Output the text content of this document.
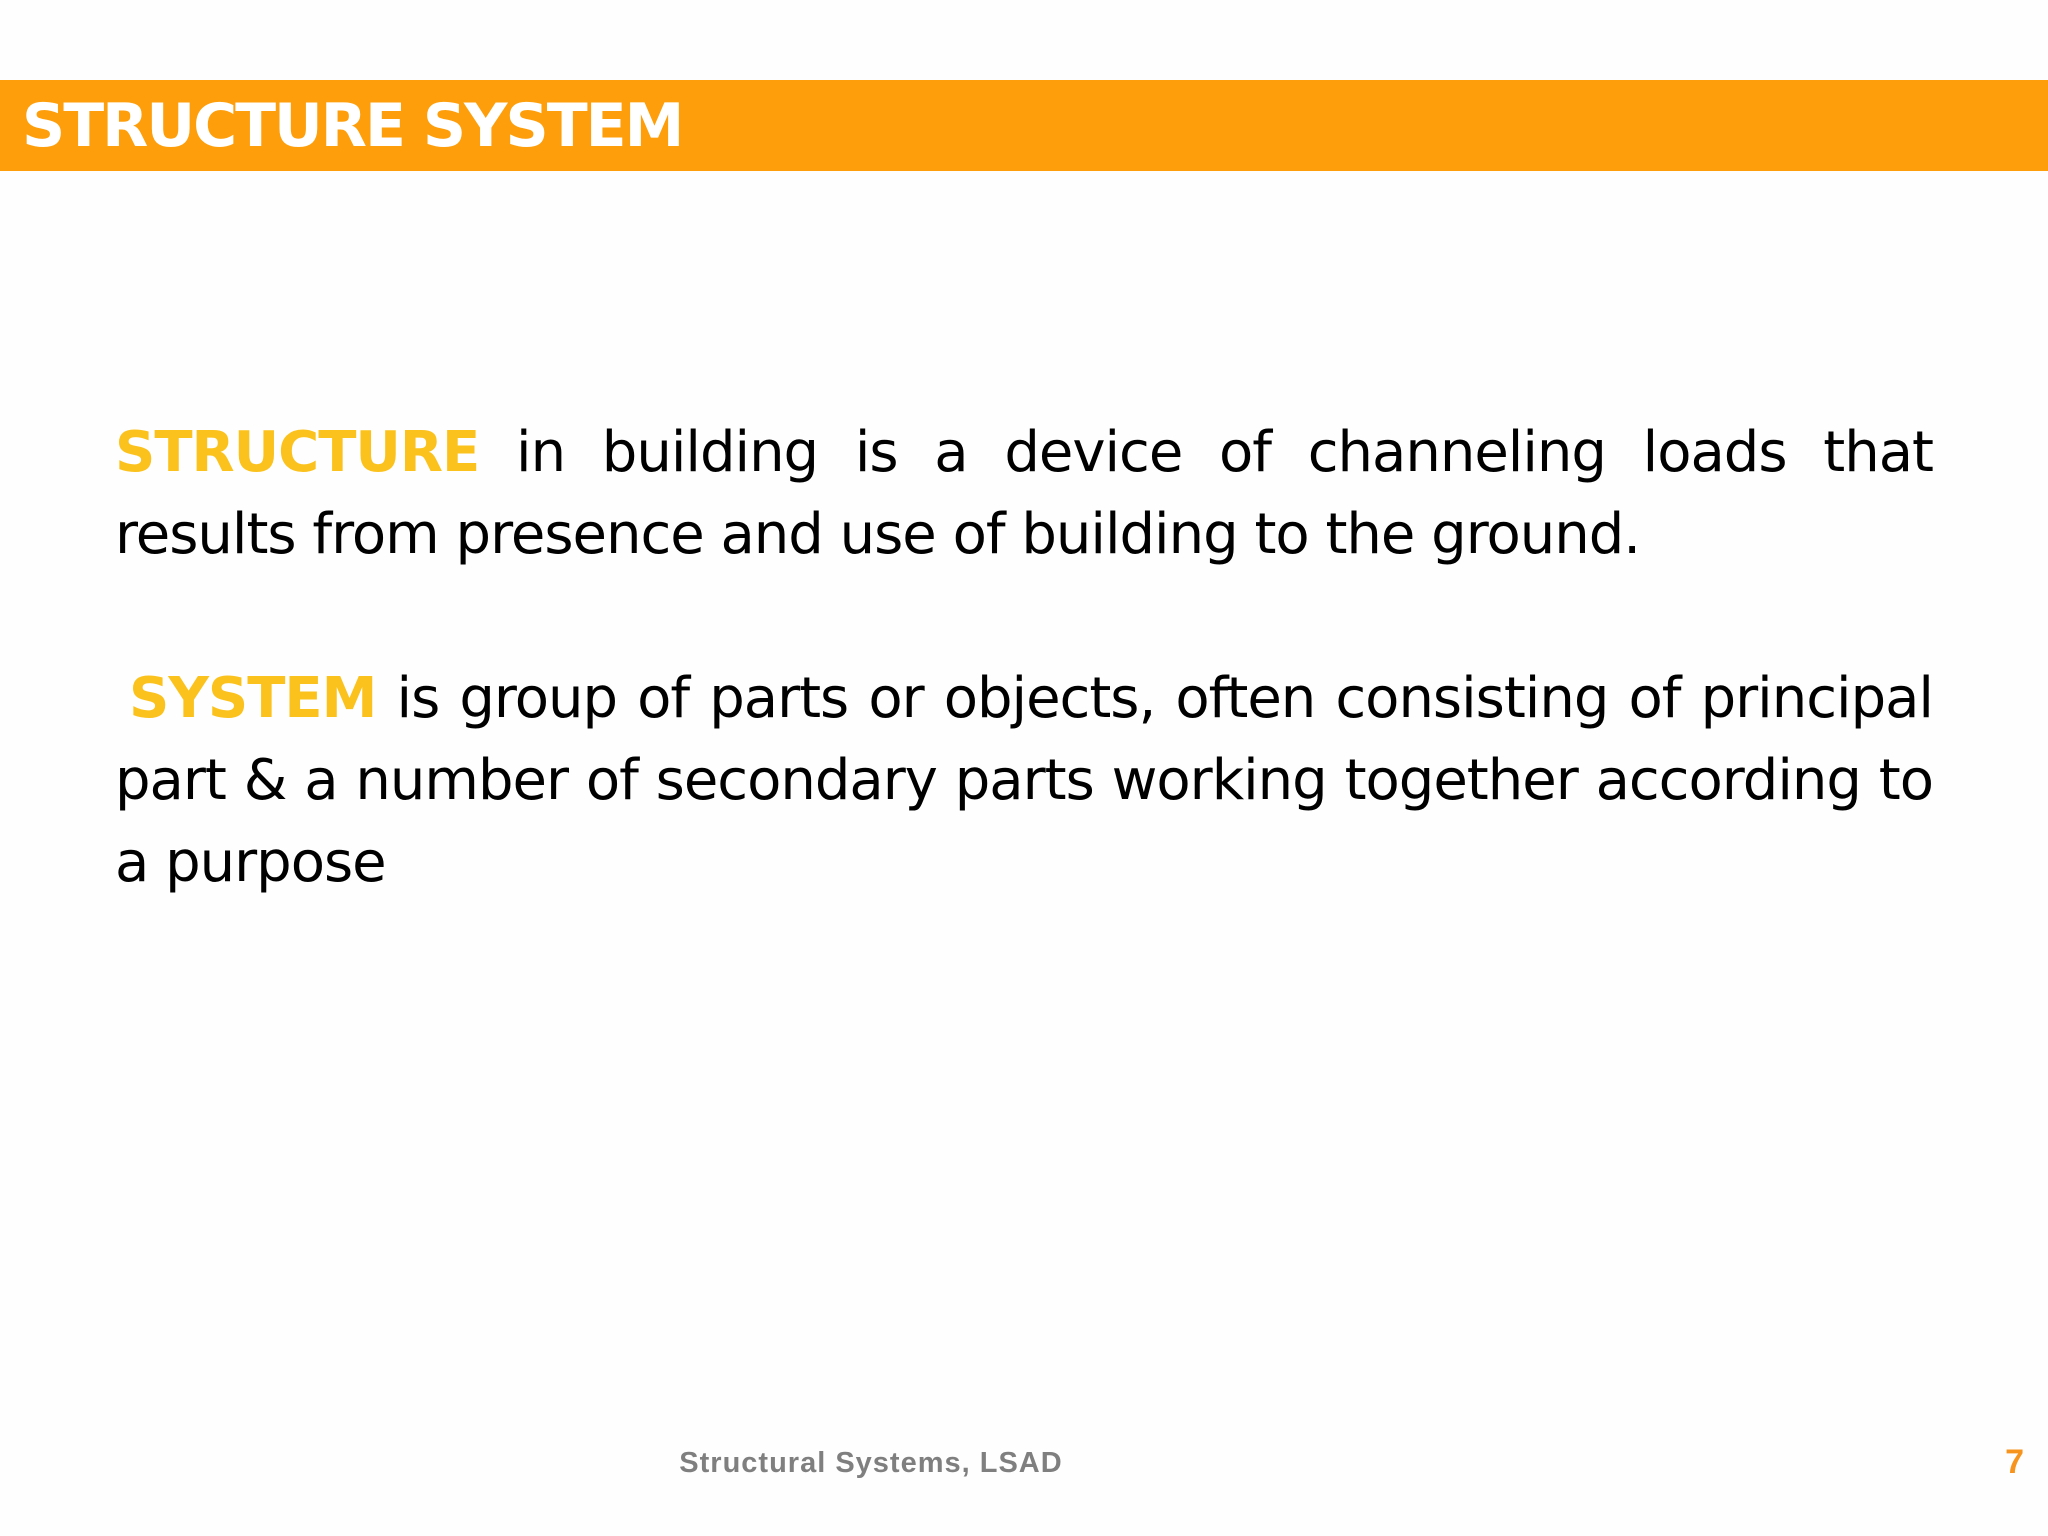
STRUCTURE SYSTEM
STRUCTURE in building is a device of channeling loads that results from presence and use of building to the ground.
SYSTEM is group of parts or objects, often consisting of principal part & a number of secondary parts working together according to a purpose
Structural Systems, LSAD	7
